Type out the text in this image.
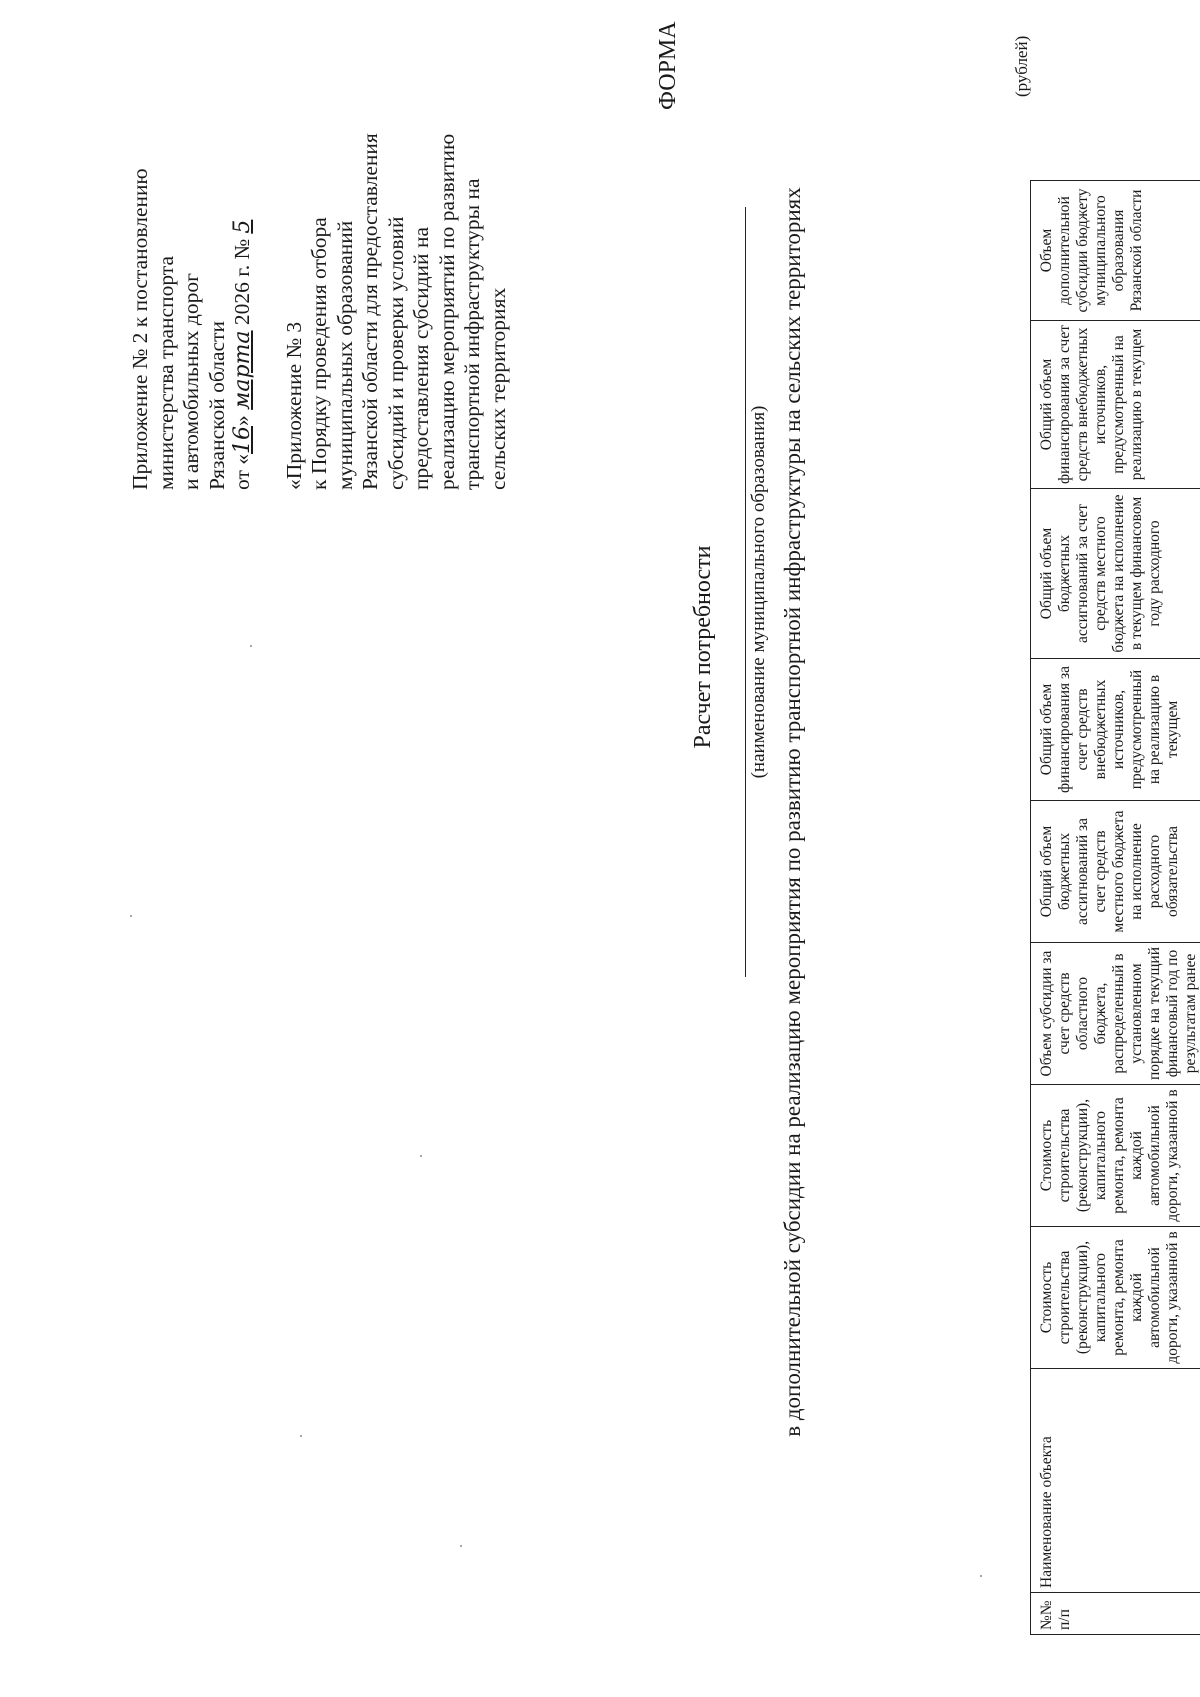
Приложение № 2 к постановлению министерства транспорта и автомобильных дорог Рязанской области от «16» марта 2026 г. № 5
«Приложение № 3 к Порядку проведения отбора муниципальных образований Рязанской области для предоставления субсидий и проверки условий предоставления субсидий на реализацию мероприятий по развитию транспортной инфраструктуры на сельских территориях
ФОРМА
Расчет потребности (наименование муниципального образования) в дополнительной субсидии на реализацию мероприятия по развитию транспортной инфраструктуры на сельских территориях
(рублей)
№№ п/п	Наименование объекта	Стоимость строительства (реконструкции), капитального ремонта, ремонта каждой автомобильной дороги, указанной в	Стоимость строительства (реконструкции), капитального ремонта, ремонта каждой автомобильной дороги, указанной в	Объем субсидии за счет средств областного бюджета, распределенный в установленном порядке на текущий финансовый год по результатам ранее	Общий объем бюджетных ассигнований за счет средств местного бюджета на исполнение расходного обязательства	Общий объем финансирования за счет средств внебюджетных источников, предусмотренный на реализацию в текущем	Общий объем бюджетных ассигнований за счет средств местного бюджета на исполнение в текущем финансовом году расходного	Общий объем финансирования за счет средств внебюджетных источников, предусмотренный на реализацию в текущем	Объем дополнительной субсидии бюджету муниципального образования Рязанской области
